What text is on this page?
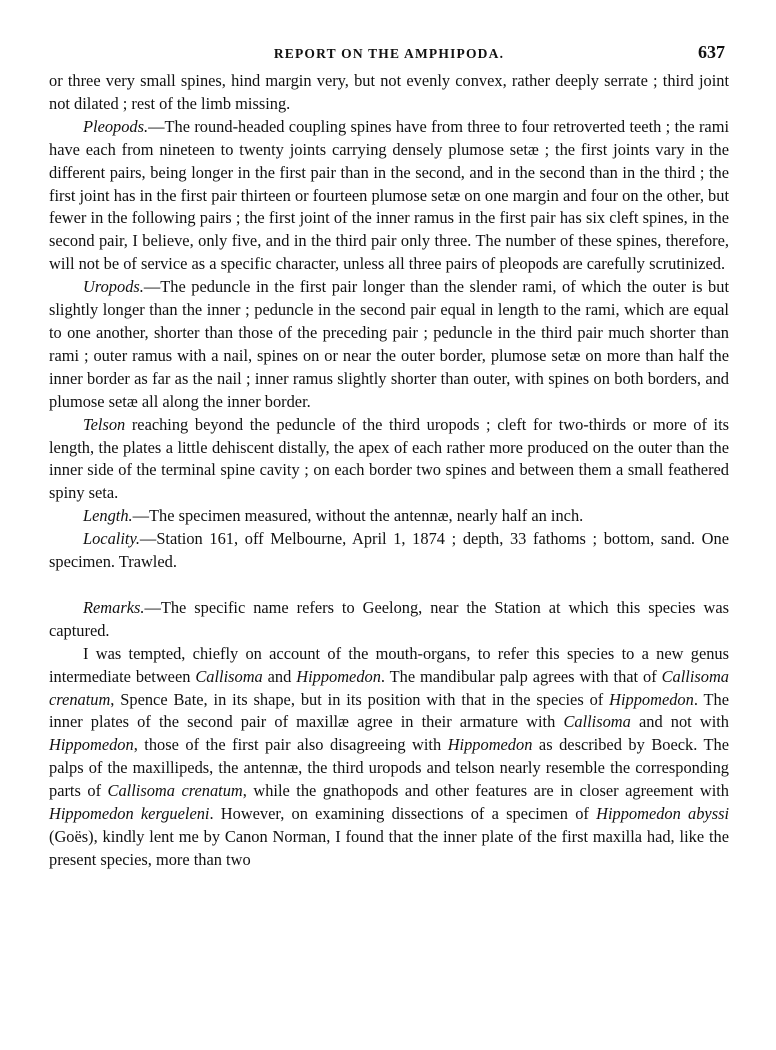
REPORT ON THE AMPHIPODA.	637

or three very small spines, hind margin very, but not evenly convex, rather deeply serrate ; third joint not dilated ; rest of the limb missing.

Pleopods.—The round-headed coupling spines have from three to four retroverted teeth ; the rami have each from nineteen to twenty joints carrying densely plumose setæ ; the first joints vary in the different pairs, being longer in the first pair than in the second, and in the second than in the third ; the first joint has in the first pair thirteen or fourteen plumose setæ on one margin and four on the other, but fewer in the following pairs ; the first joint of the inner ramus in the first pair has six cleft spines, in the second pair, I believe, only five, and in the third pair only three. The number of these spines, therefore, will not be of service as a specific character, unless all three pairs of pleopods are carefully scrutinized.

Uropods.—The peduncle in the first pair longer than the slender rami, of which the outer is but slightly longer than the inner ; peduncle in the second pair equal in length to the rami, which are equal to one another, shorter than those of the preceding pair ; peduncle in the third pair much shorter than rami ; outer ramus with a nail, spines on or near the outer border, plumose setæ on more than half the inner border as far as the nail ; inner ramus slightly shorter than outer, with spines on both borders, and plumose setæ all along the inner border.

Telson reaching beyond the peduncle of the third uropods ; cleft for two-thirds or more of its length, the plates a little dehiscent distally, the apex of each rather more produced on the outer than the inner side of the terminal spine cavity ; on each border two spines and between them a small feathered spiny seta.

Length.—The specimen measured, without the antennæ, nearly half an inch.

Locality.—Station 161, off Melbourne, April 1, 1874 ; depth, 33 fathoms ; bottom, sand. One specimen. Trawled.

Remarks.—The specific name refers to Geelong, near the Station at which this species was captured.

I was tempted, chiefly on account of the mouth-organs, to refer this species to a new genus intermediate between Callisoma and Hippomedon. The mandibular palp agrees with that of Callisoma crenatum, Spence Bate, in its shape, but in its position with that in the species of Hippomedon. The inner plates of the second pair of maxillæ agree in their armature with Callisoma and not with Hippomedon, those of the first pair also disagreeing with Hippomedon as described by Boeck. The palps of the maxillipeds, the antennæ, the third uropods and telson nearly resemble the corresponding parts of Callisoma crenatum, while the gnathopods and other features are in closer agreement with Hippomedon kergueleni. However, on examining dissections of a specimen of Hippomedon abyssi (Goës), kindly lent me by Canon Norman, I found that the inner plate of the first maxilla had, like the present species, more than two
